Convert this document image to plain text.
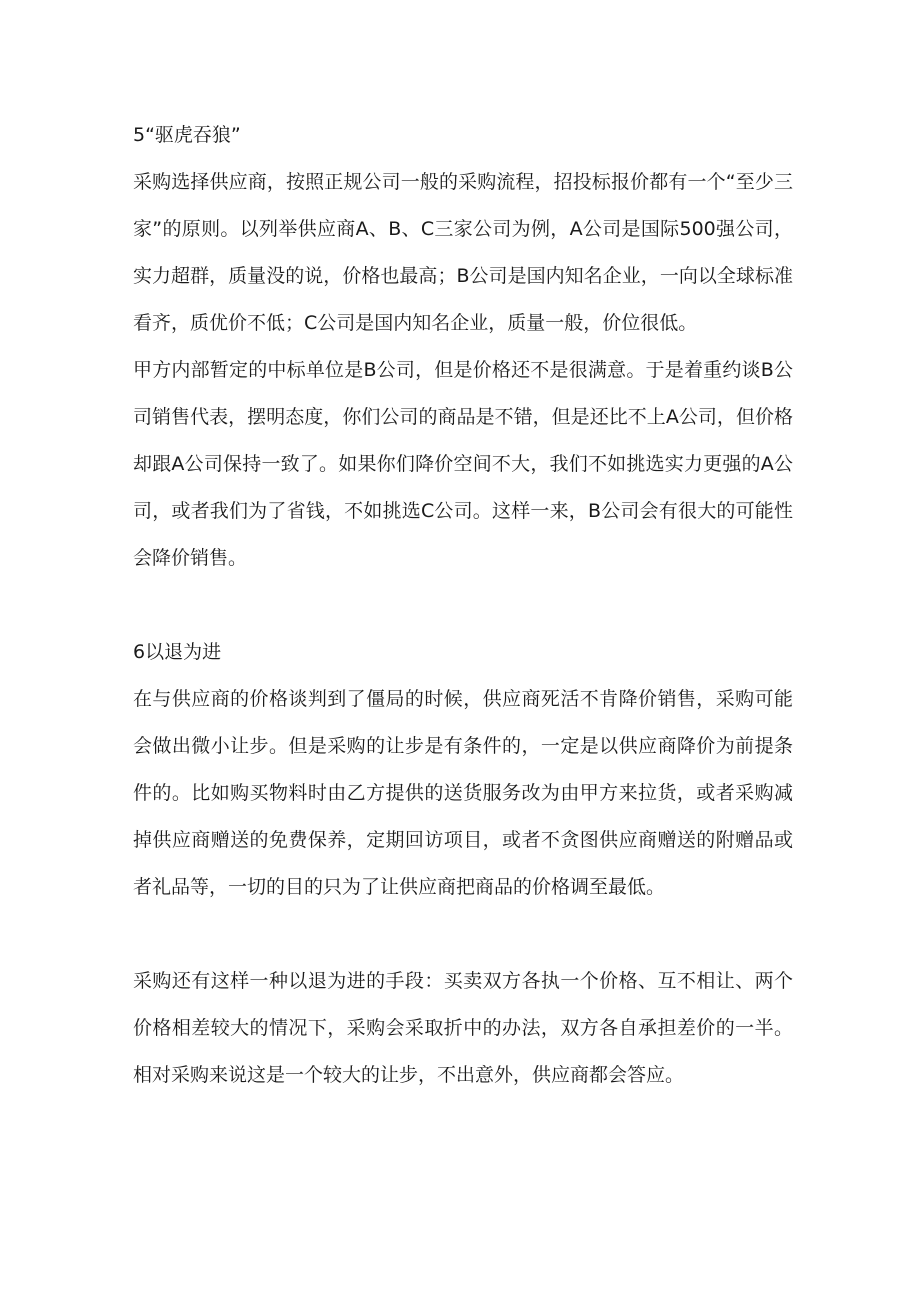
5“驱虎吞狼”

采购选择供应商，按照正规公司一般的采购流程，招投标报价都有一个“至少三家”的原则。以列举供应商A、B、C三家公司为例，A公司是国际500强公司，实力超群，质量没的说，价格也最高；B公司是国内知名企业，一向以全球标准看齐，质优价不低；C公司是国内知名企业，质量一般，价位很低。

甲方内部暂定的中标单位是B公司，但是价格还不是很满意。于是着重约谈B公司销售代表，摆明态度，你们公司的商品是不错，但是还比不上A公司，但价格却跟A公司保持一致了。如果你们降价空间不大，我们不如挑选实力更强的A公司，或者我们为了省钱，不如挑选C公司。这样一来，B公司会有很大的可能性会降价销售。

6以退为进

在与供应商的价格谈判到了僵局的时候，供应商死活不肯降价销售，采购可能会做出微小让步。但是采购的让步是有条件的，一定是以供应商降价为前提条件的。比如购买物料时由乙方提供的送货服务改为由甲方来拉货，或者采购减掉供应商赠送的免费保养，定期回访项目，或者不贪图供应商赠送的附赠品或者礼品等，一切的目的只为了让供应商把商品的价格调至最低。

采购还有这样一种以退为进的手段：买卖双方各执一个价格、互不相让、两个价格相差较大的情况下，采购会采取折中的办法，双方各自承担差价的一半。相对采购来说这是一个较大的让步，不出意外，供应商都会答应。
